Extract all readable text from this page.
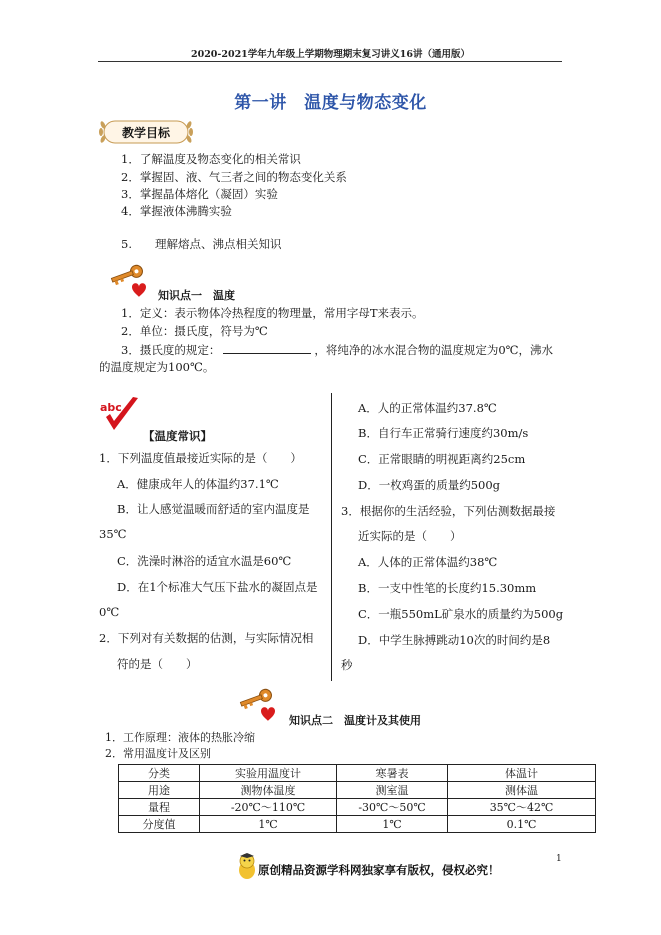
2020-2021学年九年级上学期物理期末复习讲义16讲（通用版）
第一讲　温度与物态变化
教学目标
1．了解温度及物态变化的相关常识
2．掌握固、液、气三者之间的物态变化关系
3．掌握晶体熔化（凝固）实验
4．掌握液体沸腾实验
5.　　理解熔点、沸点相关知识
知识点一　温度
1．定义：表示物体冷热程度的物理量，常用字母T来表示。
2．单位：摄氏度，符号为℃
3．摄氏度的规定：	，将纯净的冰水混合物的温度规定为0℃，沸水
的温度规定为100℃。
abc
【温度常识】
1．下列温度值最接近实际的是（　　）
A．健康成年人的体温约37.1℃
B．让人感觉温暖而舒适的室内温度是
35℃
C．洗澡时淋浴的适宜水温是60℃
D．在1个标准大气压下盐水的凝固点是
0℃
2．下列对有关数据的估测，与实际情况相
符的是（　　）
A．人的正常体温约37.8℃
B．自行车正常骑行速度约30m/s
C．正常眼睛的明视距离约25cm
D．一枚鸡蛋的质量约500g
3．根据你的生活经验，下列估测数据最接
近实际的是（　　）
A．人体的正常体温约38℃
B．一支中性笔的长度约15.30mm
C．一瓶550mL矿泉水的质量约为500g
D．中学生脉搏跳动10次的时间约是8
秒
知识点二　温度计及其使用
1．工作原理：液体的热胀冷缩
2．常用温度计及区别
分类	实验用温度计	寒暑表	体温计
用途	测物体温度	测室温	测体温
量程	-20℃～110℃	-30℃～50℃	35℃～42℃
分度值	1℃	1℃	0.1℃
原创精品资源学科网独家享有版权，侵权必究！
1
